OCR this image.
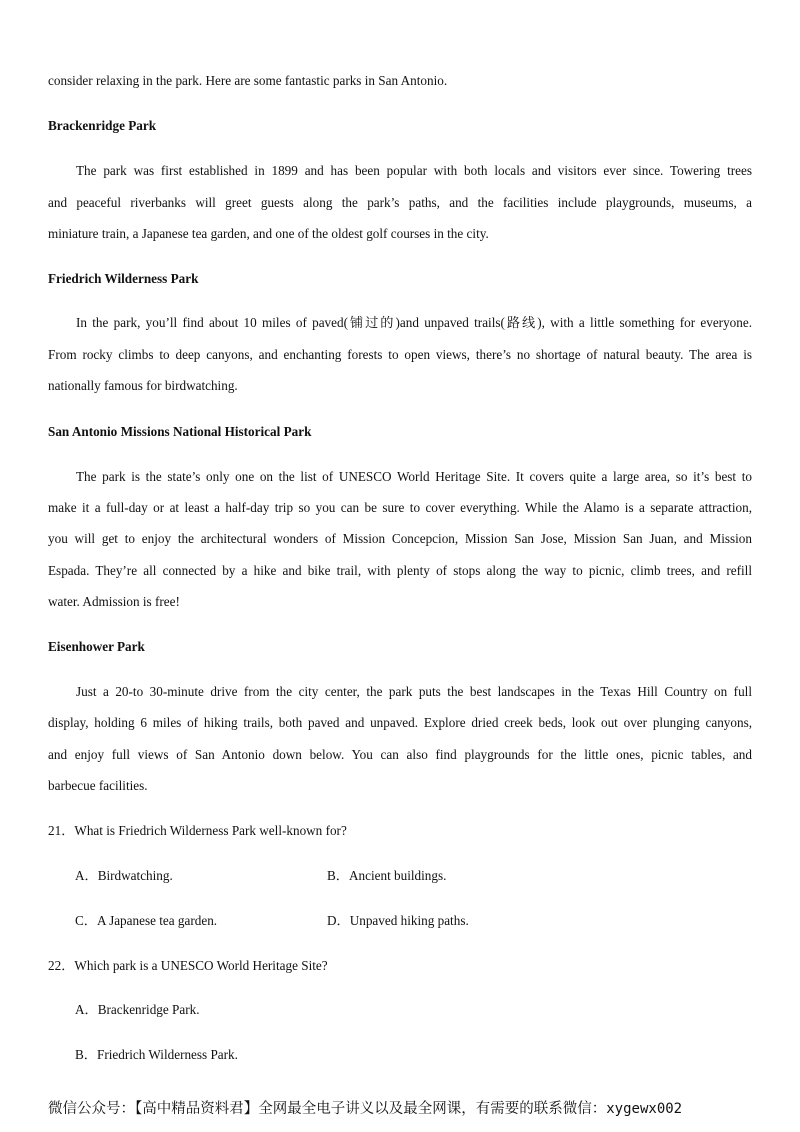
consider relaxing in the park. Here are some fantastic parks in San Antonio.
Brackenridge Park
The park was first established in 1899 and has been popular with both locals and visitors ever since. Towering trees
and peaceful riverbanks will greet guests along the park’s paths, and the facilities include playgrounds, museums, a
miniature train, a Japanese tea garden, and one of the oldest golf courses in the city.
Friedrich Wilderness Park
In the park, you’ll find about 10 miles of paved(铺过的)and unpaved trails(路线), with a little something for everyone.
From rocky climbs to deep canyons, and enchanting forests to open views, there’s no shortage of natural beauty. The area is
nationally famous for birdwatching.
San Antonio Missions National Historical Park
The park is the state’s only one on the list of UNESCO World Heritage Site. It covers quite a large area, so it’s best to
make it a full-day or at least a half-day trip so you can be sure to cover everything. While the Alamo is a separate attraction,
you will get to enjoy the architectural wonders of Mission Concepcion, Mission San Jose, Mission San Juan, and Mission
Espada. They’re all connected by a hike and bike trail, with plenty of stops along the way to picnic, climb trees, and refill
water. Admission is free!
Eisenhower Park
Just a 20-to 30-minute drive from the city center, the park puts the best landscapes in the Texas Hill Country on full
display, holding 6 miles of hiking trails, both paved and unpaved. Explore dried creek beds, look out over plunging canyons,
and enjoy full views of San Antonio down below. You can also find playgrounds for the little ones, picnic tables, and
barbecue facilities.
21．What is Friedrich Wilderness Park well-known for?
A．Birdwatching.	B．Ancient buildings.
C．A Japanese tea garden.	D．Unpaved hiking paths.
22．Which park is a UNESCO World Heritage Site?
A．Brackenridge Park.
B．Friedrich Wilderness Park.
微信公众号：【高中精品资料君】全网最全电子讲义以及最全网课，有需要的联系微信：xygewx002
